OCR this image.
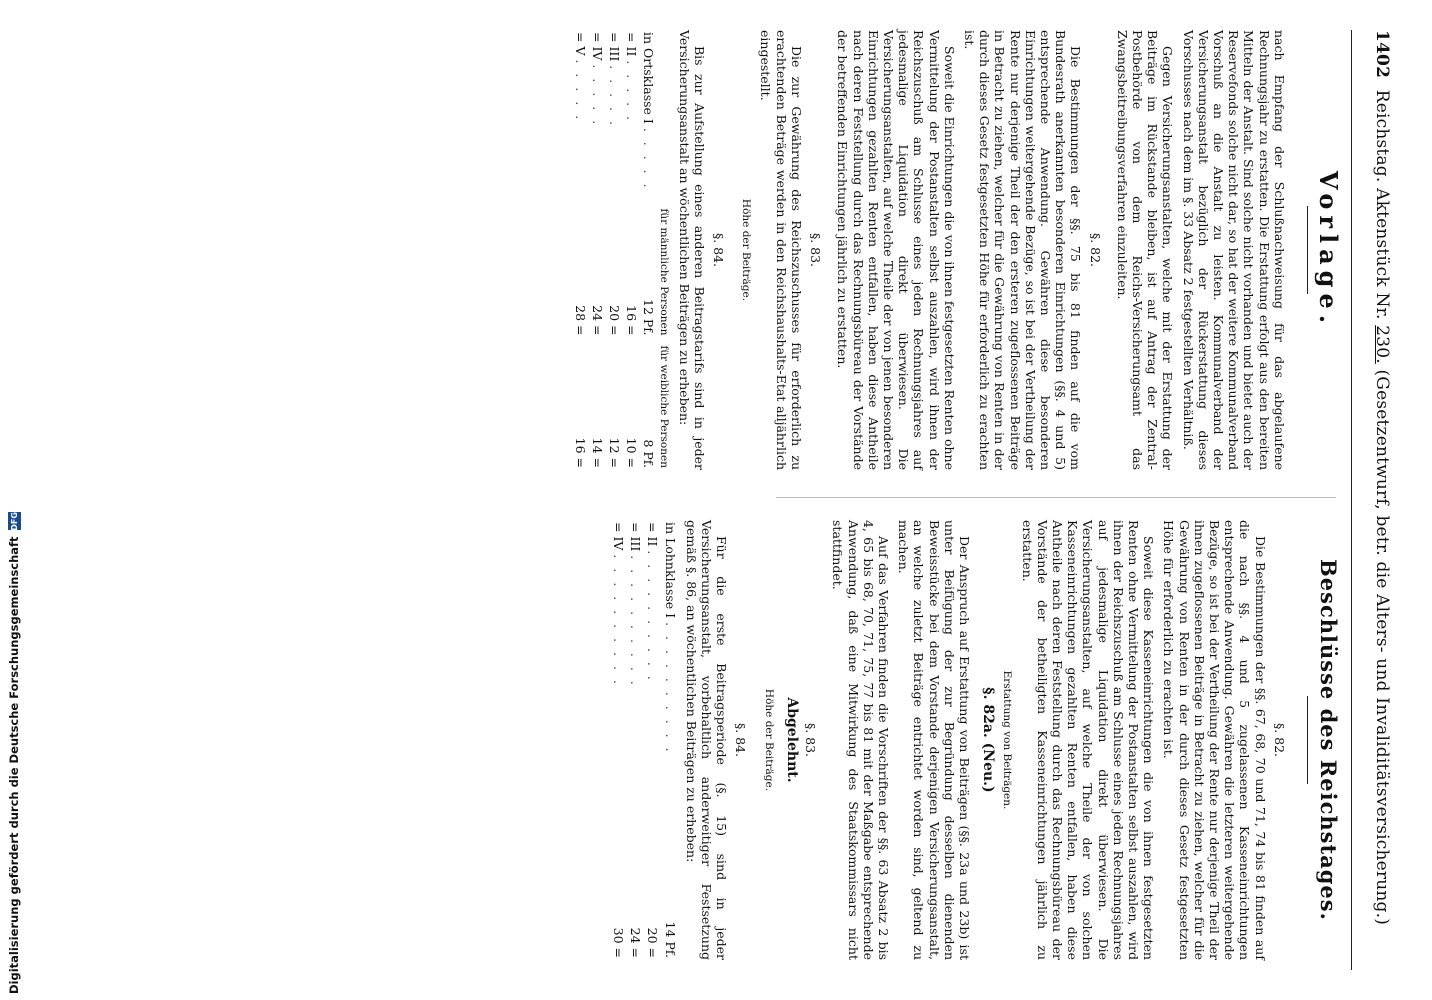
1402 Reichstag. Aktenstück Nr. 230. (Gesetzentwurf, betr. die Alters- und Invaliditätsversicherung.)
Vorlage.

nach Empfang der Schlußnachweisung für das abgelaufene Rechnungsjahr zu erstatten. Die Erstattung erfolgt aus den bereiten Mitteln der Anstalt. Sind solche nicht vorhanden und bietet auch der Reservefonds solche nicht dar, so hat der weitere Kommunalverband Vorschuß an die Anstalt zu leisten. Kommunalverband der Versicherungsanstalt bezüglich der Rückerstattung dieses Vorschusses nach dem im §. 33 Absatz 2 festgestellten Verhältniß.

Gegen Versicherungsanstalten, welche mit der Erstattung der Beiträge im Rückstande bleiben, ist auf Antrag der Zentral-Postbehörde von dem Reichs-Versicherungsamt das Zwangsbeitreibungsverfahren einzuleiten.

§. 82.

Die Bestimmungen der §§. 75 bis 81 finden auf die vom Bundesrath anerkannten besonderen Einrichtungen (§§. 4 und 5) entsprechende Anwendung. Gewähren diese besonderen Einrichtungen weitergehende Bezüge, so ist bei der Vertheilung der Rente nur derjenige Theil der den ersteren zugeflossenen Beiträge in Betracht zu ziehen, welcher für die Gewährung von Renten in der durch dieses Gesetz festgesetzten Höhe für erforderlich zu erachten ist.

Soweit die Einrichtungen die von ihnen festgesetzten Renten ohne Vermittelung der Postanstalten selbst auszahlen, wird ihnen der Reichszuschuß am Schlusse eines jeden Rechnungsjahres auf jedesmalige Liquidation direkt überwiesen. Die Versicherungsanstalten, auf welche Theile der von jenen besonderen Einrichtungen gezahlten Renten entfallen, haben diese Antheile nach deren Feststellung durch das Rechnungsbüreau der Vorstände der betreffenden Einrichtungen jährlich zu erstatten.

§. 83.

Die zur Gewährung des Reichszuschusses für erforderlich zu erachtenden Beträge werden in den Reichshaushalts-Etat alljährlich eingestellt.

Höhe der Beiträge.
§. 84.

Bis zur Aufstellung eines anderen Beitragstarifs sind in jeder Versicherungsanstalt an wöchentlichen Beiträgen zu erheben:

	für männliche Personen	für weibliche Personen
in Ortsklasse I . . . . .	12 Pf.	8 Pf.
= II . . . . .	16 =	10 =
= III . . . . .	20 =	12 =
= IV . . . . .	24 =	14 =
= V . . . . .	28 =	16 =
Beschlüsse des Reichstages.
§. 82.

Die Bestimmungen der §§. 67, 68, 70 und 71, 74 bis 81 finden auf die nach §§. 4 und 5 zugelassenen Kasseneinrichtungen entsprechende Anwendung. Gewähren die letzteren weitergehende Bezüge, so ist bei der Vertheilung der Rente nur derjenige Theil der ihnen zugeflossenen Beiträge in Betracht zu ziehen, welcher für die Gewährung von Renten in der durch dieses Gesetz festgesetzten Höhe für erforderlich zu erachten ist.

Soweit diese Kasseneinrichtungen die von ihnen festgesetzten Renten ohne Vermittelung der Postanstalten selbst auszahlen, wird ihnen der Reichszuschuß am Schlusse eines jeden Rechnungsjahres auf jedesmalige Liquidation direkt überwiesen. Die Versicherungsanstalten, auf welche Theile der von solchen Kasseneinrichtungen gezahlten Renten entfallen, haben diese Antheile nach deren Feststellung durch das Rechnungsbüreau der Vorstände der betheiligten Kasseneinrichtungen jährlich zu erstatten.

Erstattung von Beiträgen.
§. 82a. (Neu.)

Der Anspruch auf Erstattung von Beiträgen (§§. 23a und 23b) ist unter Beifügung der zur Begründung desselben dienenden Beweisstücke bei dem Vorstande derjenigen Versicherungsanstalt, an welche zuletzt Beiträge entrichtet worden sind, geltend zu machen.

Auf das Verfahren finden die Vorschriften der §§. 63 Absatz 2 bis 4, 65 bis 68, 70, 71, 75, 77 bis 81 mit der Maßgabe entsprechende Anwendung, daß eine Mitwirkung des Staatskommissars nicht stattfindet.

§. 83.
Abgelehnt.
Höhe der Beiträge.
§. 84.

Für die erste Beitragsperiode (§. 15) sind in jeder Versicherungsanstalt, vorbehaltlich anderweitiger Festsetzung gemäß §. 86, an wöchentlichen Beiträgen zu erheben:

in Lohnklasse I . . . . . . . . . .	14 Pf.
= II . . . . . . . . . .	20 =
= III . . . . . . . . . .	24 =
= IV . . . . . . . . . .	30 =
Digitalisierung gefördert durch die Deutsche Forschungsgemeinschaft
DFG
